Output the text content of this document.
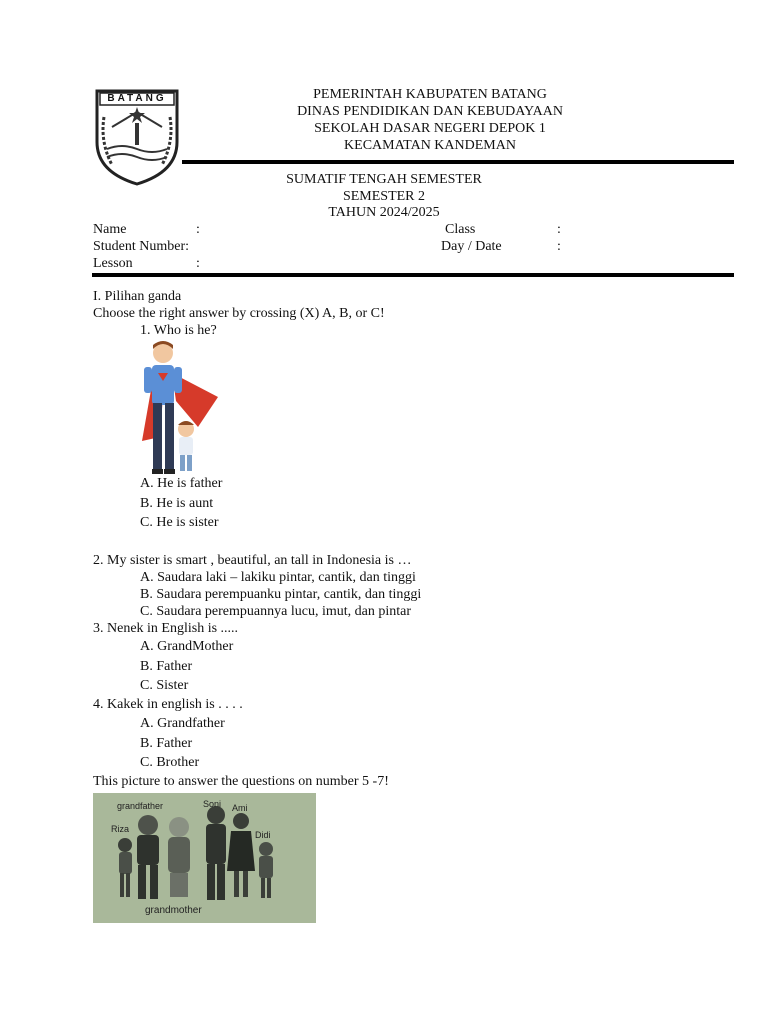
BATANG	PEMERINTAH KABUPATEN BATANG
DINAS PENDIDIKAN DAN KEBUDAYAAN
SEKOLAH DASAR NEGERI DEPOK 1
KECAMATAN KANDEMAN
SUMATIF TENGAH SEMESTER
SEMESTER 2
TAHUN 2024/2025
Name	:	Class	:
Student Number:	Day / Date	:
Lesson	:
I. Pilihan ganda
Choose the right answer by crossing (X) A, B, or C!
1. Who is he?
A. He is father
B. He is aunt
C. He is sister
2. My sister is smart , beautiful, an tall in Indonesia is …
A. Saudara laki – lakiku pintar, cantik, dan tinggi
B. Saudara perempuanku pintar, cantik, dan tinggi
C. Saudara perempuannya lucu, imut, dan pintar
3. Nenek in English is .....
A. GrandMother
B. Father
C. Sister
4. Kakek in english is . . . .
A. Grandfather
B. Father
C. Brother
This picture to answer the questions on number 5 -7!
grandfather	Soni Ami
Riza
Didi
grandmother
